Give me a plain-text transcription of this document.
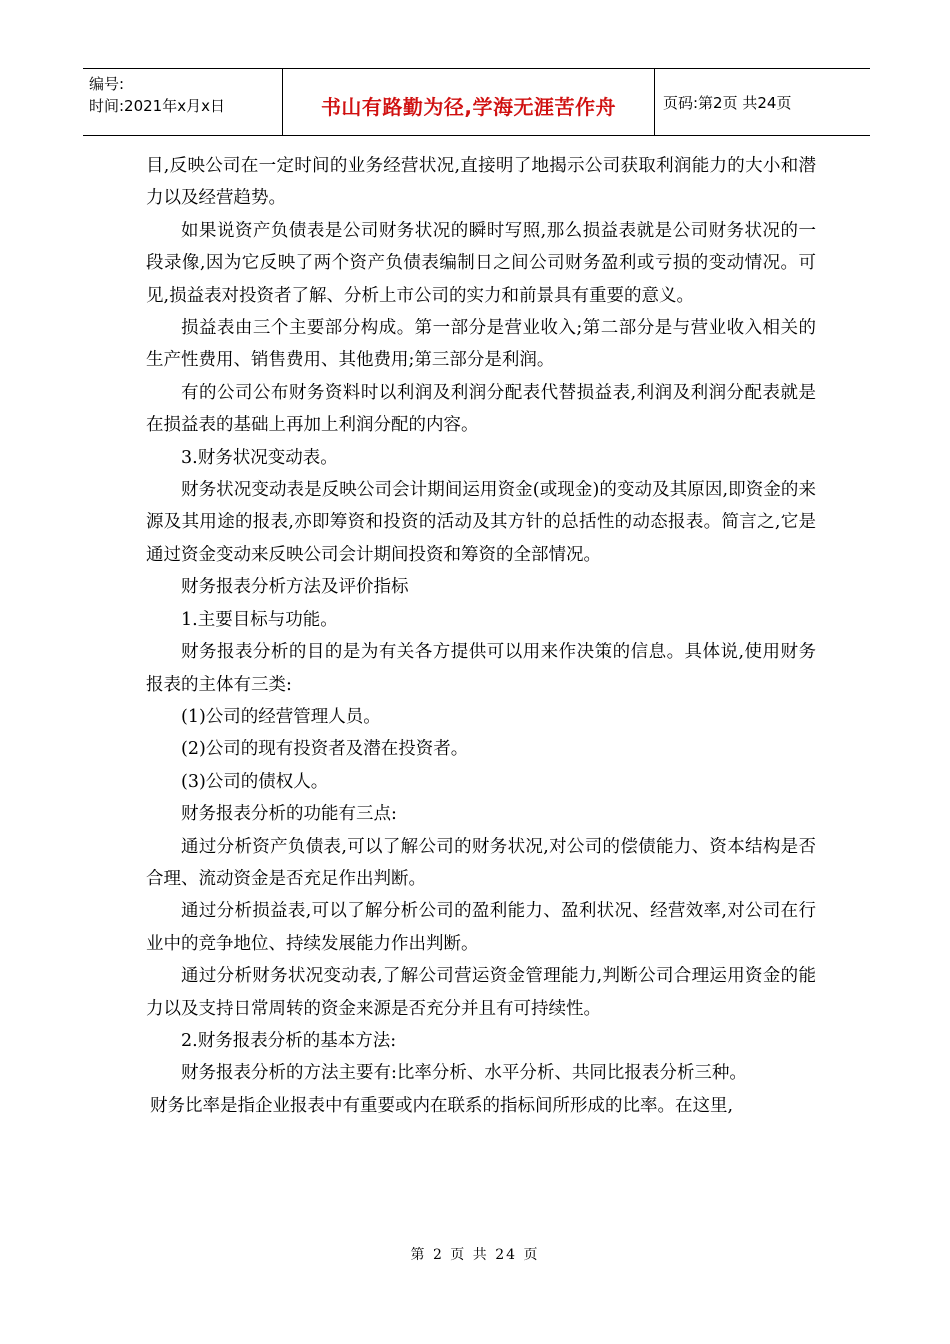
编号:
时间:2021年x月x日	书山有路勤为径,学海无涯苦作舟	页码:第2页 共24页

目,反映公司在一定时间的业务经营状况,直接明了地揭示公司获取利润能力的大小和潜力以及经营趋势。

如果说资产负债表是公司财务状况的瞬时写照,那么损益表就是公司财务状况的一段录像,因为它反映了两个资产负债表编制日之间公司财务盈利或亏损的变动情况。可见,损益表对投资者了解、分析上市公司的实力和前景具有重要的意义。

损益表由三个主要部分构成。第一部分是营业收入;第二部分是与营业收入相关的生产性费用、销售费用、其他费用;第三部分是利润。

有的公司公布财务资料时以利润及利润分配表代替损益表,利润及利润分配表就是在损益表的基础上再加上利润分配的内容。

3.财务状况变动表。

财务状况变动表是反映公司会计期间运用资金(或现金)的变动及其原因,即资金的来源及其用途的报表,亦即筹资和投资的活动及其方针的总括性的动态报表。简言之,它是通过资金变动来反映公司会计期间投资和筹资的全部情况。

财务报表分析方法及评价指标

1.主要目标与功能。

财务报表分析的目的是为有关各方提供可以用来作决策的信息。具体说,使用财务报表的主体有三类:

(1)公司的经营管理人员。

(2)公司的现有投资者及潜在投资者。

(3)公司的债权人。

财务报表分析的功能有三点:

通过分析资产负债表,可以了解公司的财务状况,对公司的偿债能力、资本结构是否合理、流动资金是否充足作出判断。

通过分析损益表,可以了解分析公司的盈利能力、盈利状况、经营效率,对公司在行业中的竞争地位、持续发展能力作出判断。

通过分析财务状况变动表,了解公司营运资金管理能力,判断公司合理运用资金的能力以及支持日常周转的资金来源是否充分并且有可持续性。

2.财务报表分析的基本方法:

财务报表分析的方法主要有:比率分析、水平分析、共同比报表分析三种。

财务比率是指企业报表中有重要或内在联系的指标间所形成的比率。在这里,

第 2 页 共 24 页
